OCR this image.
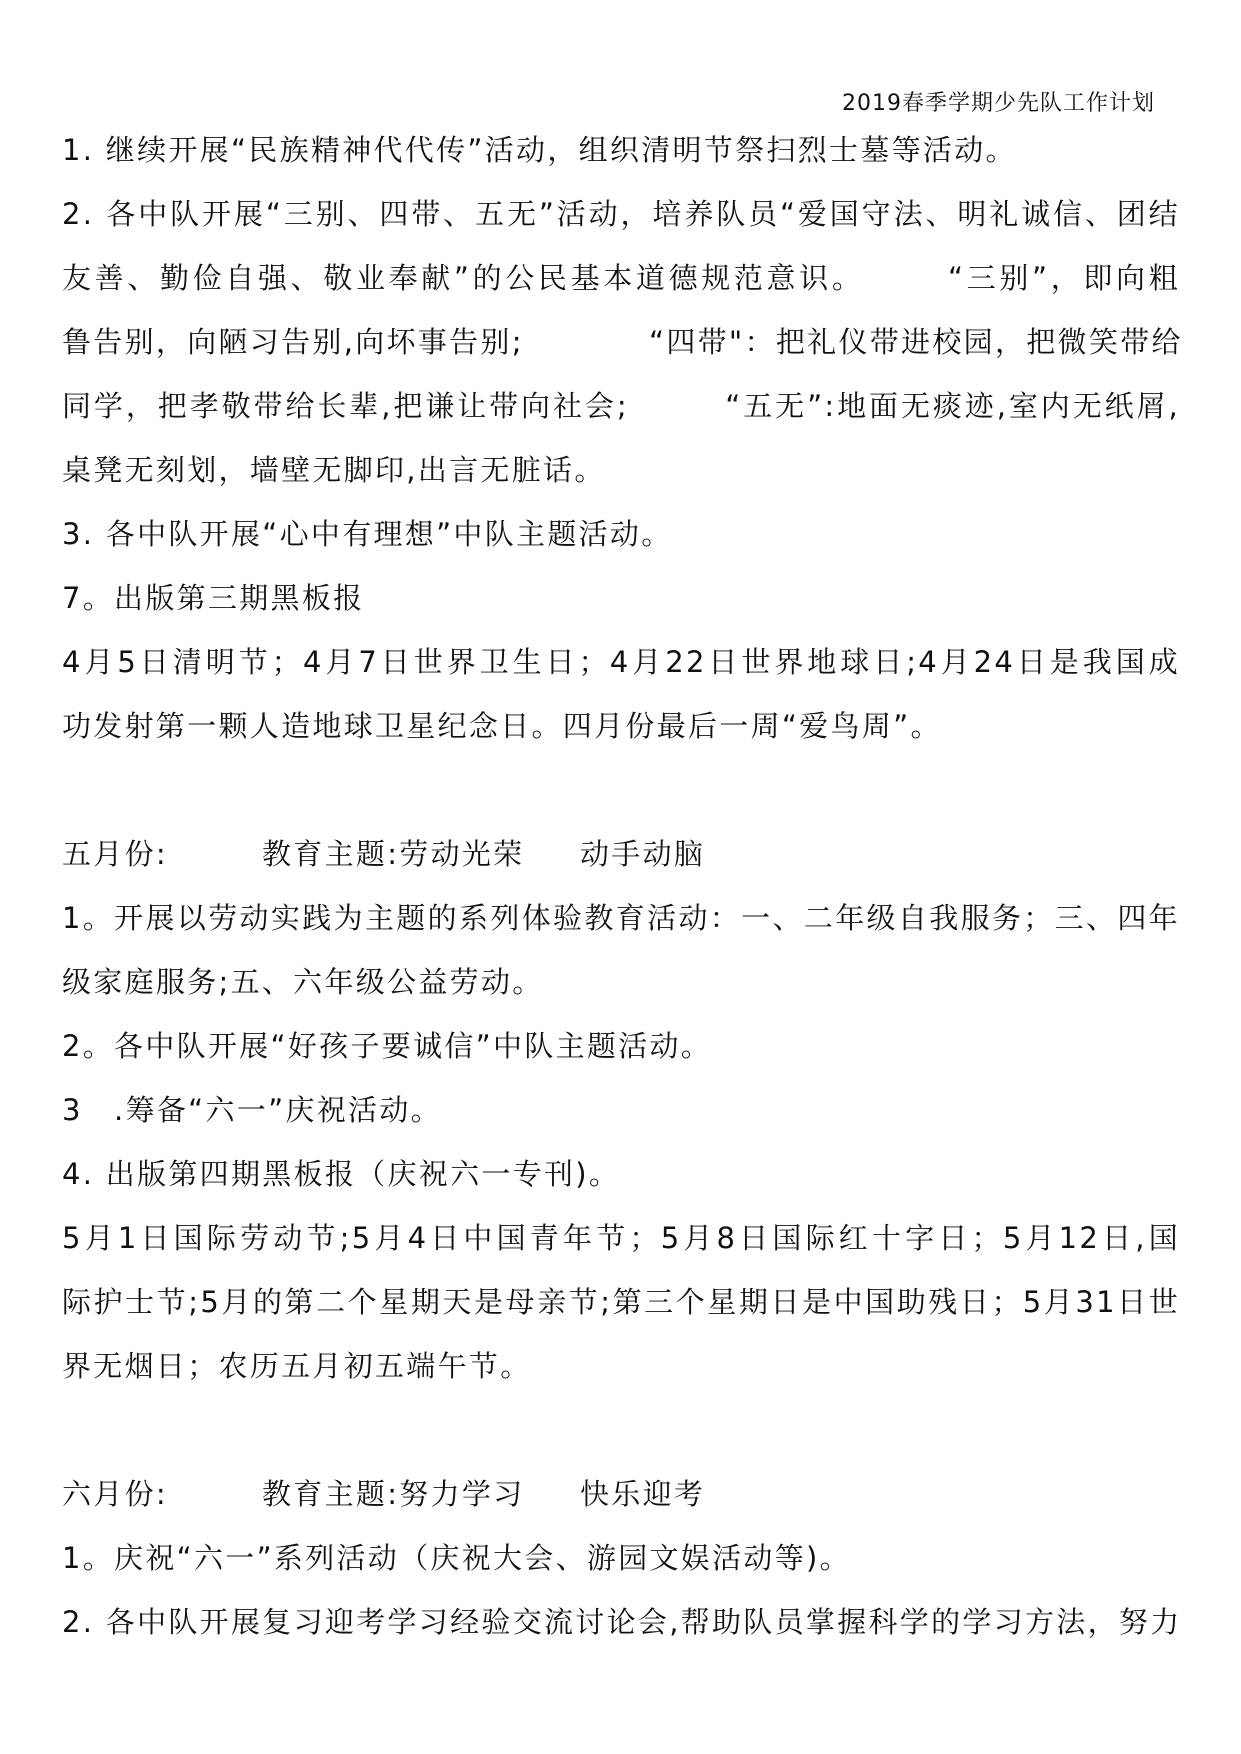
2019春季学期少先队工作计划
1. 继续开展“民族精神代代传”活动，组织清明节祭扫烈士墓等活动。
2. 各中队开展“三别、四带、五无”活动，培养队员“爱国守法、明礼诚信、团结
友善、勤俭自强、敬业奉献”的公民基本道德规范意识。　　　“三别”，即向粗
鲁告别，向陋习告别,向坏事告别;　　　　“四带"：把礼仪带进校园，把微笑带给
同学，把孝敬带给长辈,把谦让带向社会;　　　“五无”:地面无痰迹,室内无纸屑,
桌凳无刻划，墙壁无脚印,出言无脏话。
3. 各中队开展“心中有理想”中队主题活动。
7。出版第三期黑板报
4月5日清明节；4月7日世界卫生日；4月22日世界地球日;4月24日是我国成
功发射第一颗人造地球卫星纪念日。四月份最后一周“爱鸟周”。
五月份:	教育主题:劳动光荣 动手动脑
1。开展以劳动实践为主题的系列体验教育活动：一、二年级自我服务；三、四年
级家庭服务;五、六年级公益劳动。
2。各中队开展“好孩子要诚信”中队主题活动。
3　.筹备“六一”庆祝活动。
4. 出版第四期黑板报（庆祝六一专刊)。
5月1日国际劳动节;5月4日中国青年节；5月8日国际红十字日；5月12日,国
际护士节;5月的第二个星期天是母亲节;第三个星期日是中国助残日；5月31日世
界无烟日；农历五月初五端午节。
六月份:	教育主题:努力学习 快乐迎考
1。庆祝“六一”系列活动（庆祝大会、游园文娱活动等)。
2. 各中队开展复习迎考学习经验交流讨论会,帮助队员掌握科学的学习方法，努力
